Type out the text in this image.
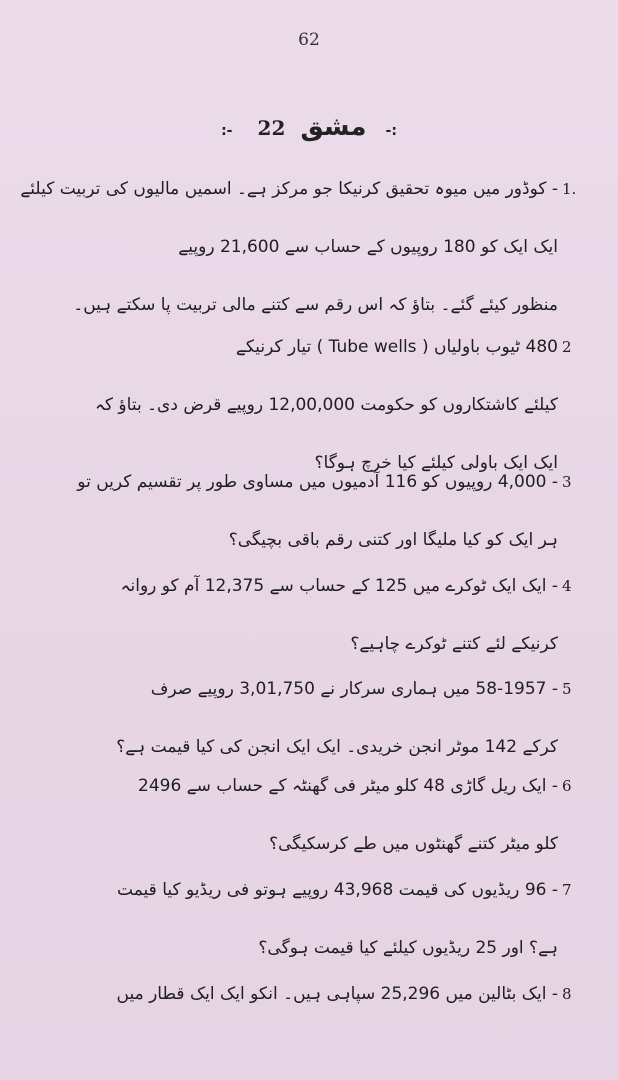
62
:- 22 مشق -:
1.
- کوڈور میں میوہ تحقیق کرنیکا جو مرکز ہے۔ اسمیں مالیوں کی تربیت کیلئے
ایک ایک کو 180 روپیوں کے حساب سے 21,600 روپیے
منظور کیئے گئے۔ بتاؤ کہ اس رقم سے کتنے مالی تربیت پا سکتے ہیں۔
2
480 ٹیوب باولیاں ( Tube wells ) تیار کرنیکے
کیلئے کاشتکاروں کو حکومت 12,00,000 روپیے قرض دی۔ بتاؤ کہ
ایک ایک باولی کیلئے کیا خرچ ہوگا؟
3
- 4,000 روپیوں کو 116 آدمیوں میں مساوی طور پر تقسیم کریں تو
ہر ایک کو کیا ملیگا اور کتنی رقم باقی بچیگی؟
4
- ایک ایک ٹوکرے میں 125 کے حساب سے 12,375 آم کو روانہ
کرنیکے لئے کتنے ٹوکرے چاہیے؟
5
- 58-1957 میں ہماری سرکار نے 3,01,750 روپیے صرف
کرکے 142 موٹر انجن خریدی۔ ایک ایک انجن کی کیا قیمت ہے؟
6
- ایک ریل گاڑی 48 کلو میٹر فی گھنٹہ کے حساب سے 2496
کلو میٹر کتنے گھنٹوں میں طے کرسکیگی؟
7
- 96 ریڈیوں کی قیمت 43,968 روپیے ہوتو فی ریڈیو کیا قیمت
ہے؟ اور 25 ریڈیوں کیلئے کیا قیمت ہوگی؟
8
- ایک بٹالین میں 25,296 سپاہی ہیں۔ انکو ایک ایک قطار میں
